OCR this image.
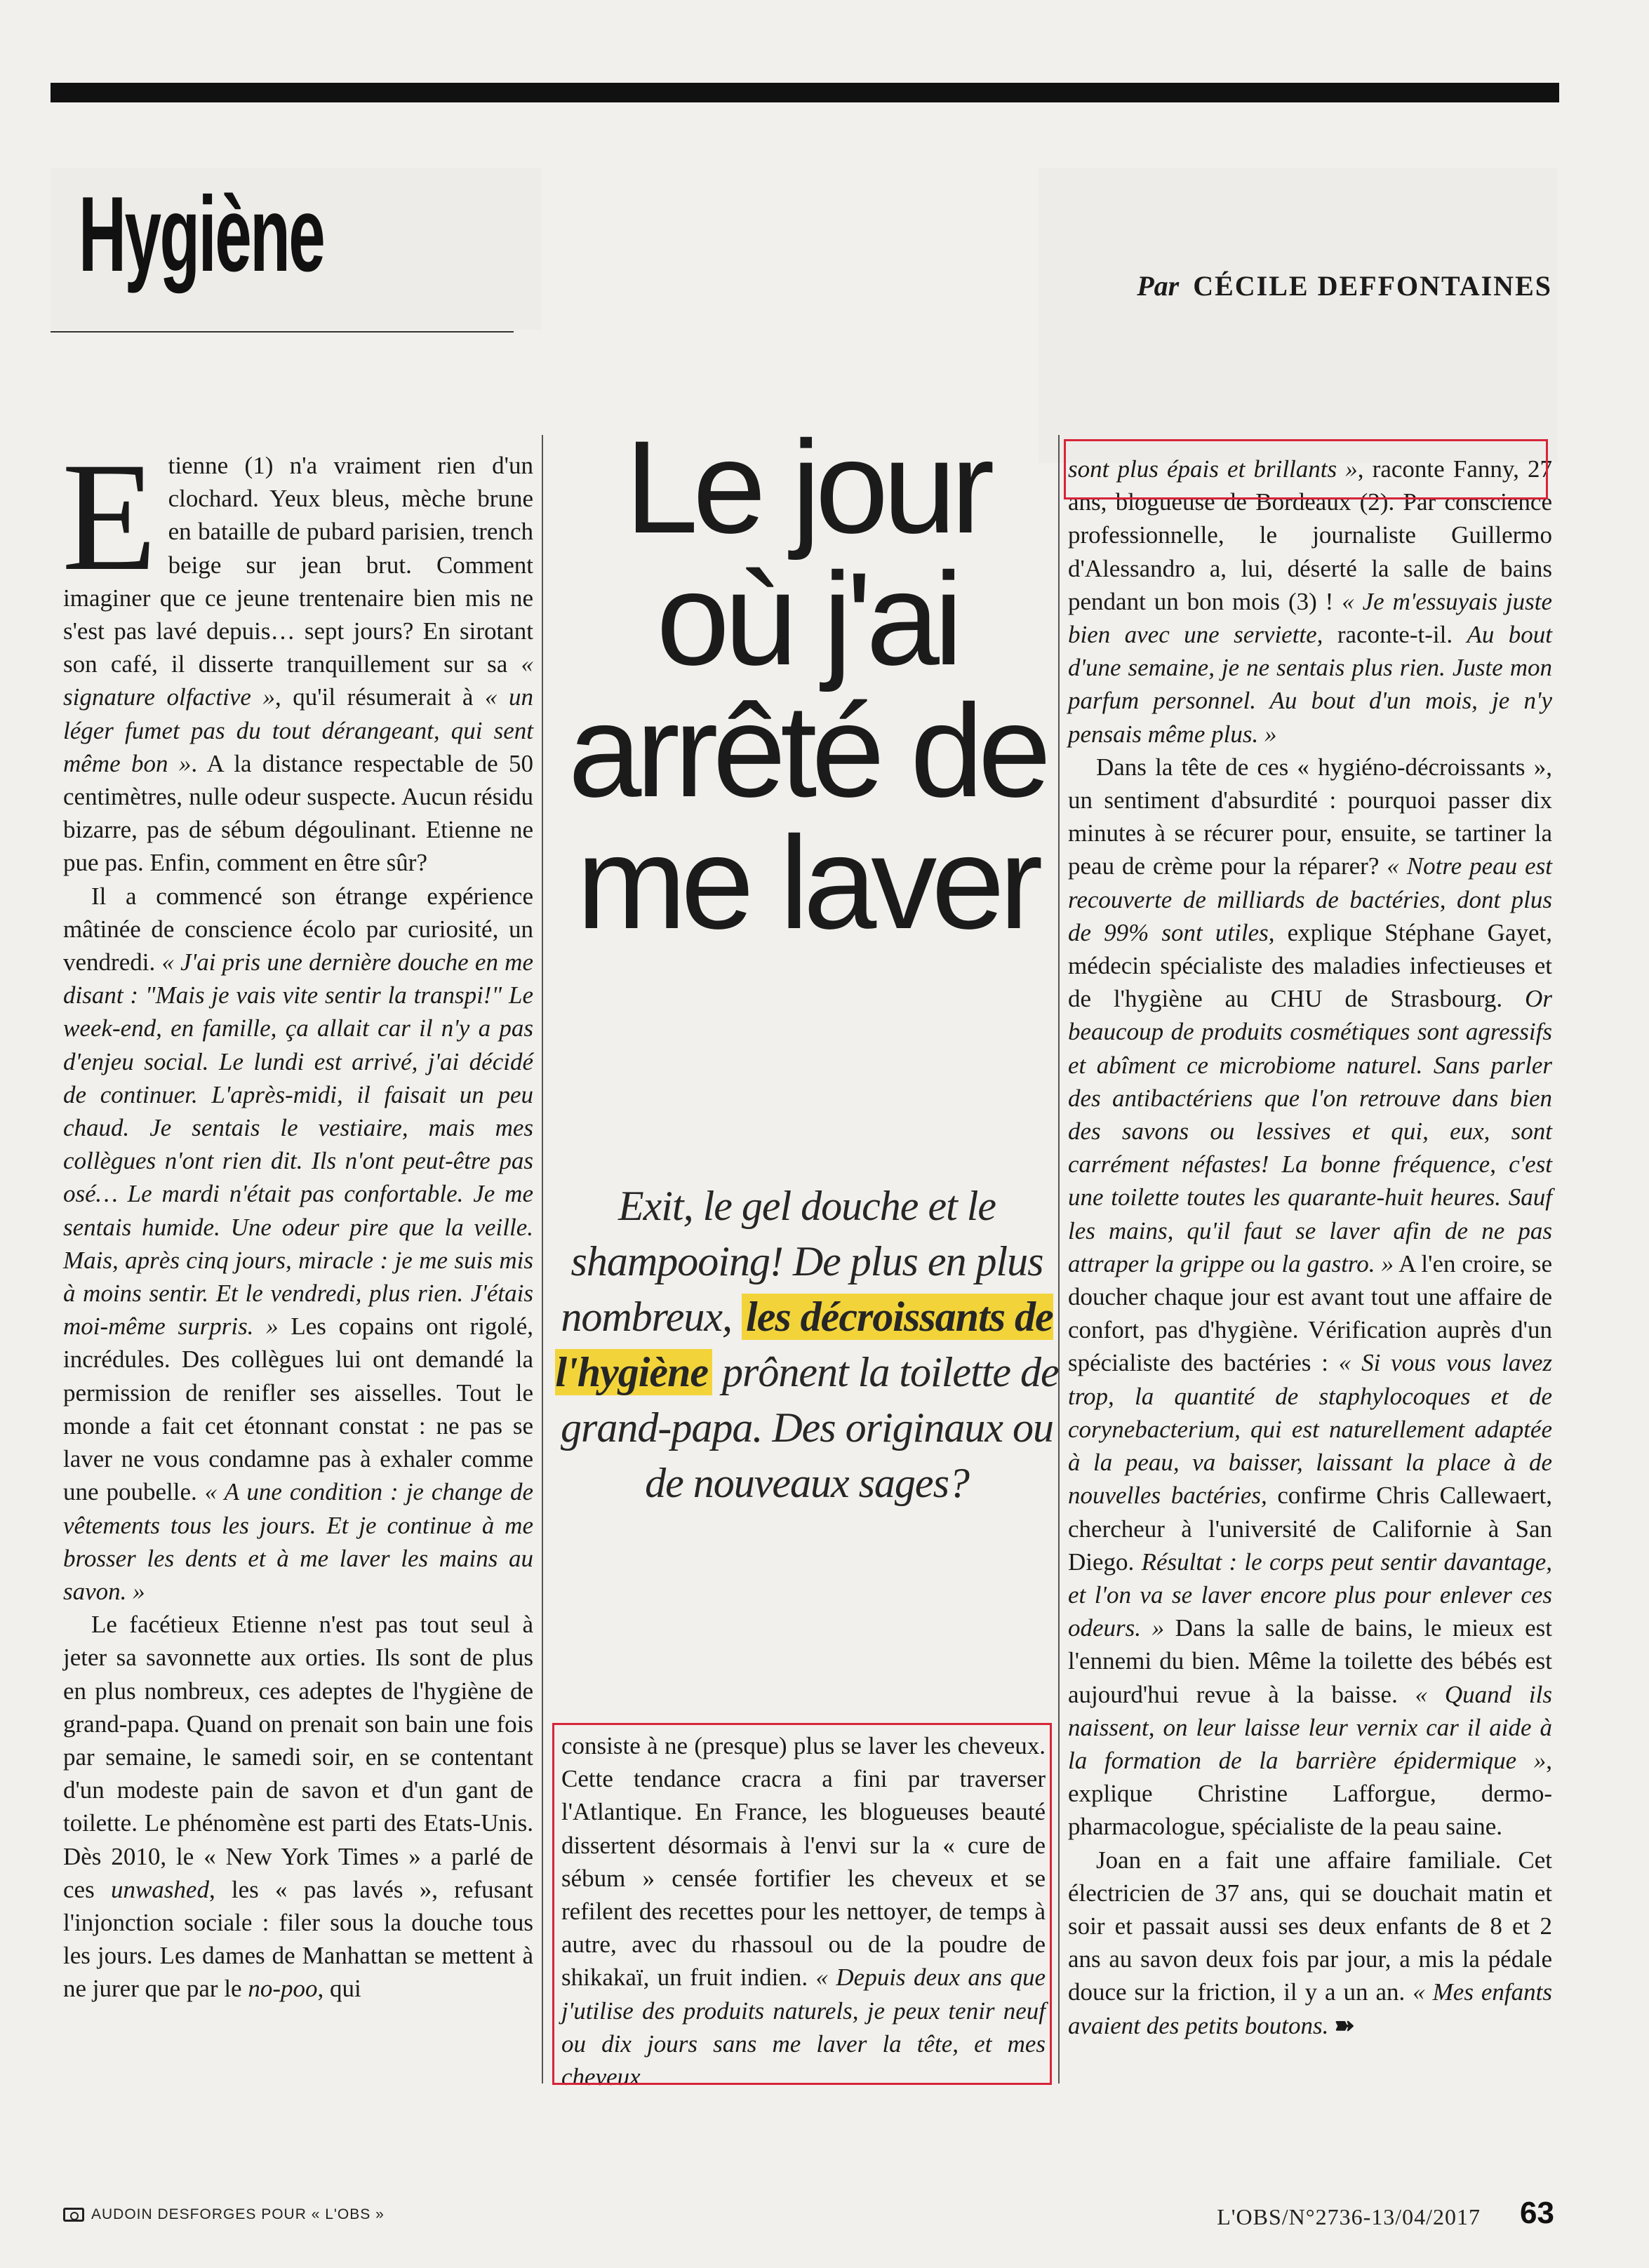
Hygiène	Par CÉCILE DEFFONTAINES

Etienne (1) n'a vraiment rien d'un clochard. Yeux bleus, mèche brune en bataille de pubard parisien, trench beige sur jean brut. Comment imaginer que ce jeune trentenaire bien mis ne s'est pas lavé depuis… sept jours? En sirotant son café, il disserte tranquillement sur sa « signature olfactive », qu'il résumerait à « un léger fumet pas du tout dérangeant, qui sent même bon ». A la distance respectable de 50 centimètres, nulle odeur suspecte. Aucun résidu bizarre, pas de sébum dégoulinant. Etienne ne pue pas. Enfin, comment en être sûr?

Il a commencé son étrange expérience mâtinée de conscience écolo par curiosité, un vendredi. « J'ai pris une dernière douche en me disant : "Mais je vais vite sentir la transpi!" Le week-end, en famille, ça allait car il n'y a pas d'enjeu social. Le lundi est arrivé, j'ai décidé de continuer. L'après-midi, il faisait un peu chaud. Je sentais le vestiaire, mais mes collègues n'ont rien dit. Ils n'ont peut-être pas osé… Le mardi n'était pas confortable. Je me sentais humide. Une odeur pire que la veille. Mais, après cinq jours, miracle : je me suis mis à moins sentir. Et le vendredi, plus rien. J'étais moi-même surpris. » Les copains ont rigolé, incrédules. Des collègues lui ont demandé la permission de renifler ses aisselles. Tout le monde a fait cet étonnant constat : ne pas se laver ne vous condamne pas à exhaler comme une poubelle. « A une condition : je change de vêtements tous les jours. Et je continue à me brosser les dents et à me laver les mains au savon. »

Le facétieux Etienne n'est pas tout seul à jeter sa savonnette aux orties. Ils sont de plus en plus nombreux, ces adeptes de l'hygiène de grand-papa. Quand on prenait son bain une fois par semaine, le samedi soir, en se contentant d'un modeste pain de savon et d'un gant de toilette. Le phénomène est parti des Etats-Unis. Dès 2010, le « New York Times » a parlé de ces unwashed, les « pas lavés », refusant l'injonction sociale : filer sous la douche tous les jours. Les dames de Manhattan se mettent à ne jurer que par le no-poo, qui

Le jour où j'ai arrêté de me laver

Exit, le gel douche et le shampooing! De plus en plus nombreux, les décroissants de l'hygiène prônent la toilette de grand-papa. Des originaux ou de nouveaux sages?

consiste à ne (presque) plus se laver les cheveux. Cette tendance cracra a fini par traverser l'Atlantique. En France, les blogueuses beauté dissertent désormais à l'envi sur la « cure de sébum » censée fortifier les cheveux et se refilent des recettes pour les nettoyer, de temps à autre, avec du rhassoul ou de la poudre de shikakaï, un fruit indien. « Depuis deux ans que j'utilise des produits naturels, je peux tenir neuf ou dix jours sans me laver la tête, et mes cheveux

sont plus épais et brillants », raconte Fanny, 27 ans, blogueuse de Bordeaux (2). Par conscience professionnelle, le journaliste Guillermo d'Alessandro a, lui, déserté la salle de bains pendant un bon mois (3) ! « Je m'essuyais juste bien avec une serviette, raconte-t-il. Au bout d'une semaine, je ne sentais plus rien. Juste mon parfum personnel. Au bout d'un mois, je n'y pensais même plus. »

Dans la tête de ces « hygiéno-décroissants », un sentiment d'absurdité : pourquoi passer dix minutes à se récurer pour, ensuite, se tartiner la peau de crème pour la réparer? « Notre peau est recouverte de milliards de bactéries, dont plus de 99% sont utiles, explique Stéphane Gayet, médecin spécialiste des maladies infectieuses et de l'hygiène au CHU de Strasbourg. Or beaucoup de produits cosmétiques sont agressifs et abîment ce microbiome naturel. Sans parler des antibactériens que l'on retrouve dans bien des savons ou lessives et qui, eux, sont carrément néfastes! La bonne fréquence, c'est une toilette toutes les quarante-huit heures. Sauf les mains, qu'il faut se laver afin de ne pas attraper la grippe ou la gastro. » A l'en croire, se doucher chaque jour est avant tout une affaire de confort, pas d'hygiène. Vérification auprès d'un spécialiste des bactéries : « Si vous vous lavez trop, la quantité de staphylocoques et de corynebacterium, qui est naturellement adaptée à la peau, va baisser, laissant la place à de nouvelles bactéries, confirme Chris Callewaert, chercheur à l'université de Californie à San Diego. Résultat : le corps peut sentir davantage, et l'on va se laver encore plus pour enlever ces odeurs. » Dans la salle de bains, le mieux est l'ennemi du bien. Même la toilette des bébés est aujourd'hui revue à la baisse. « Quand ils naissent, on leur laisse leur vernix car il aide à la formation de la barrière épidermique », explique Christine Lafforgue, dermo-pharmacologue, spécialiste de la peau saine.

Joan en a fait une affaire familiale. Cet électricien de 37 ans, qui se douchait matin et soir et passait aussi ses deux enfants de 8 et 2 ans au savon deux fois par jour, a mis la pédale douce sur la friction, il y a un an. « Mes enfants avaient des petits boutons. ➽

AUDOIN DESFORGES POUR « L'OBS »	L'OBS/N°2736-13/04/2017 63
